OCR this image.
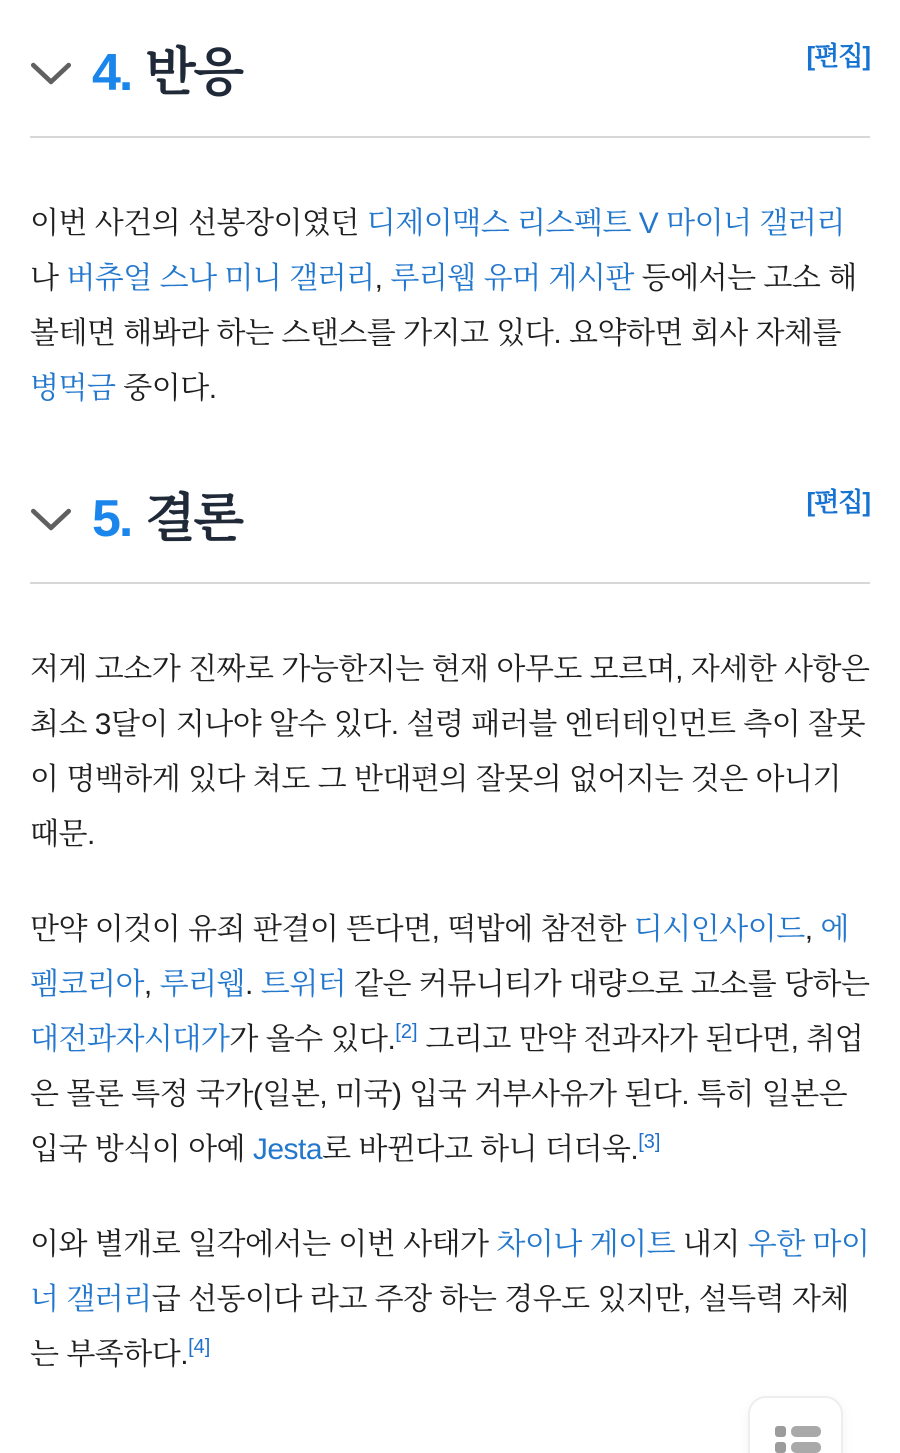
[편집]
4. 반응

이번 사건의 선봉장이였던 디제이맥스 리스펙트 V 마이너 갤러리나 버츄얼 스나 미니 갤러리, 루리웹 유머 게시판 등에서는 고소 해볼테면 해봐라 하는 스탠스를 가지고 있다. 요약하면 회사 자체를 병먹금 중이다.

[편집]
5. 결론

저게 고소가 진짜로 가능한지는 현재 아무도 모르며, 자세한 사항은 최소 3달이 지나야 알수 있다. 설령 패러블 엔터테인먼트 측이 잘못이 명백하게 있다 쳐도 그 반대편의 잘못의 없어지는 것은 아니기 때문.

만약 이것이 유죄 판결이 뜬다면, 떡밥에 참전한 디시인사이드, 에펨코리아, 루리웹. 트위터 같은 커뮤니티가 대량으로 고소를 당하는 대전과자시대가가 올수 있다.[2] 그리고 만약 전과자가 된다면, 취업은 몰론 특정 국가(일본, 미국) 입국 거부사유가 된다. 특히 일본은 입국 방식이 아예 Jesta로 바뀐다고 하니 더더욱.[3]

이와 별개로 일각에서는 이번 사태가 차이나 게이트 내지 우한 마이너 갤러리급 선동이다 라고 주장 하는 경우도 있지만, 설득력 자체는 부족하다.[4]
